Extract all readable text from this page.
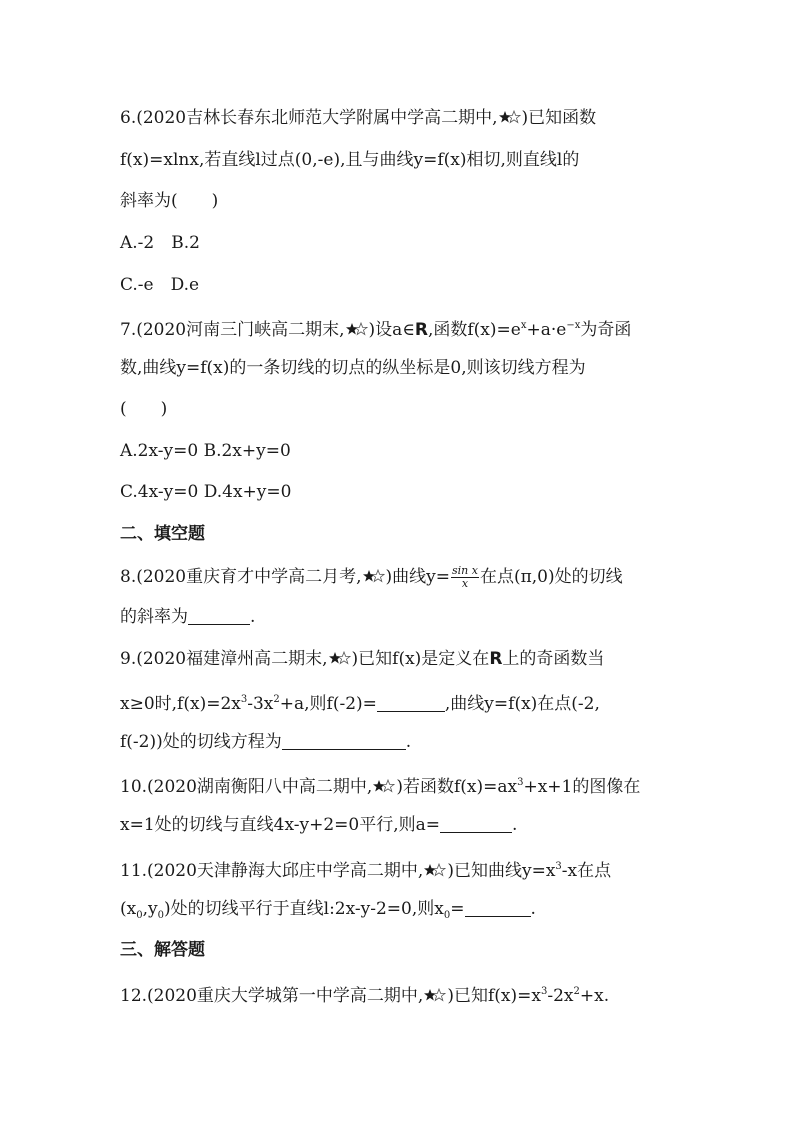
6.(2020吉林长春东北师范大学附属中学高二期中, )已知函数
f(x)=xlnx,若直线l过点(0,-e),且与曲线y=f(x)相切,则直线l的
斜率为(　　)
A.-2　B.2
C.-e　D.e
7.(2020河南三门峡高二期末, )设a∈R,函数$f(x)=e^x+a\cdot e^{-x}$为奇函
数,曲线y=f(x)的一条切线的切点的纵坐标是0,则该切线方程为
(　　)
A.2x-y=0 B.2x+y=0
C.4x-y=0 D.4x+y=0
二、填空题
8.(2020重庆育才中学高二月考, )曲线$y= \frac{\text{sin x}}{x}$ 在点(π,0)处的切线
的斜率为	.
9.(2020福建漳州高二期末, )已知f(x)是定义在R上的奇函数当
x≥0时$,f(x)=2x^3-3x^2+a$,则f(-2)=	,曲线y=f(x)在点(-2,
f(-2))处的切线方程为	.
10.(2020湖南衡阳八中高二期中, )若函数$f(x)=ax^3+x+1$的图像在
x=1处的切线与直线4x-y+2=0平行,则a=	.
11.(2020天津静海大邱庄中学高二期中, )已知曲线$y=x^3-x$在点
$(x_0,y_0)$处的切线平行于直线l:2x-y-2=0,则$x_0=$	.
三、解答题
12.(2020重庆大学城第一中学高二期中, )已知$f(x)=x^3-2x^2+x$.
